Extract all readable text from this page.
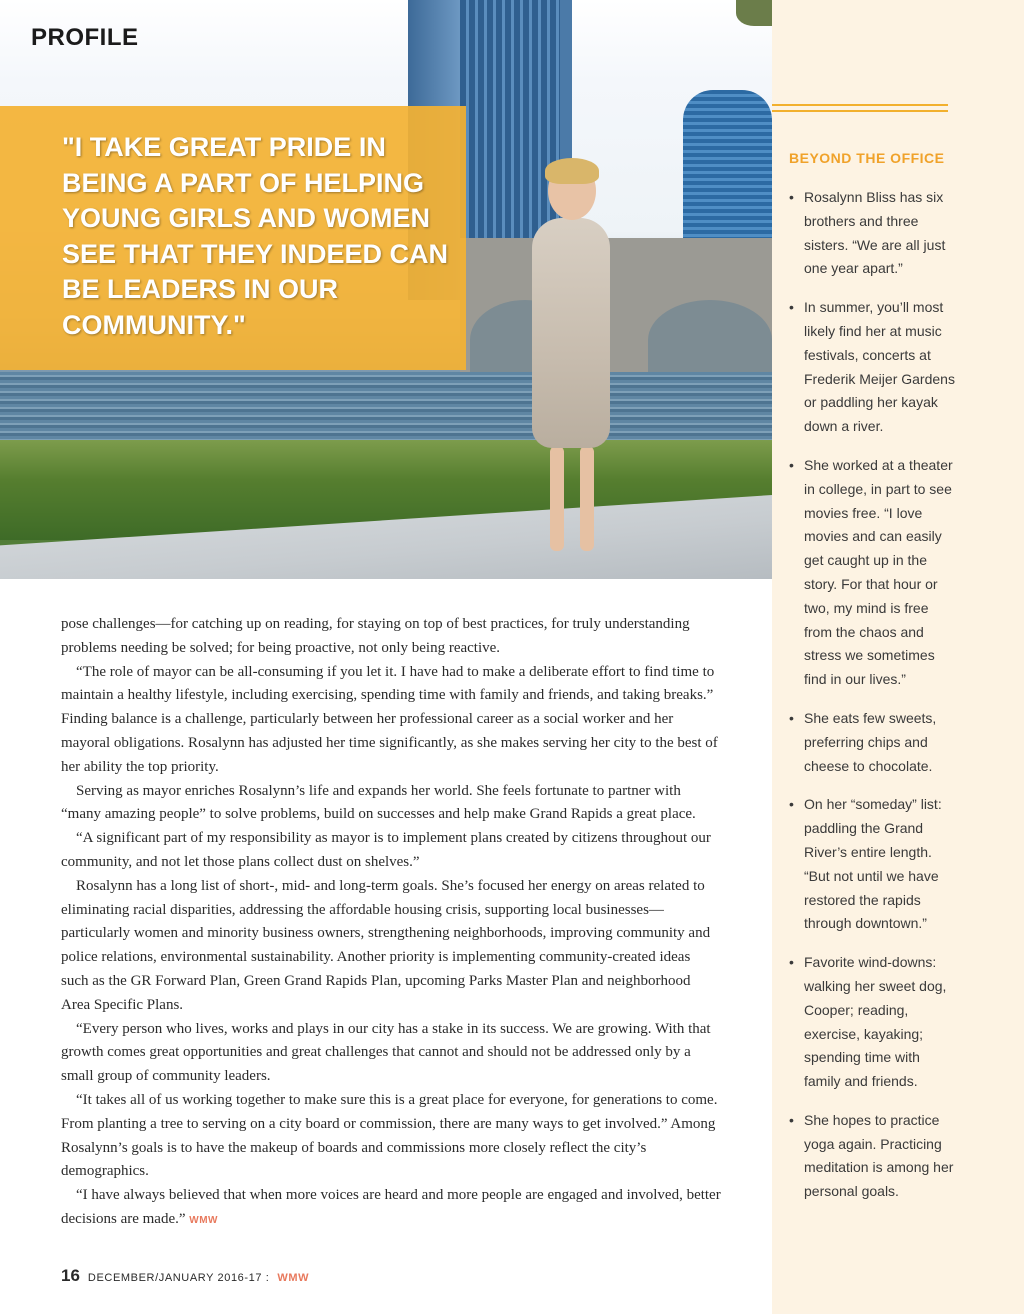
PROFILE

"I TAKE GREAT PRIDE IN BEING A PART OF HELPING YOUNG GIRLS AND WOMEN SEE THAT THEY INDEED CAN BE LEADERS IN OUR COMMUNITY."

BEYOND THE OFFICE
• Rosalynn Bliss has six brothers and three sisters. “We are all just one year apart.”
• In summer, you’ll most likely find her at music festivals, concerts at Frederik Meijer Gardens or paddling her kayak down a river.
• She worked at a theater in college, in part to see movies free. “I love movies and can easily get caught up in the story. For that hour or two, my mind is free from the chaos and stress we sometimes find in our lives.”
• She eats few sweets, preferring chips and cheese to chocolate.
• On her “someday” list: paddling the Grand River’s entire length. “But not until we have restored the rapids through downtown.”
• Favorite wind-downs: walking her sweet dog, Cooper; reading, exercise, kayaking; spending time with family and friends.
• She hopes to practice yoga again. Practicing meditation is among her personal goals.

pose challenges—for catching up on reading, for staying on top of best practices, for truly understanding problems needing be solved; for being proactive, not only being reactive.

“The role of mayor can be all-consuming if you let it. I have had to make a deliberate effort to find time to maintain a healthy lifestyle, including exercising, spending time with family and friends, and taking breaks.” Finding balance is a challenge, particularly between her professional career as a social worker and her mayoral obligations. Rosalynn has adjusted her time significantly, as she makes serving her city to the best of her ability the top priority.

Serving as mayor enriches Rosalynn’s life and expands her world. She feels fortunate to partner with “many amazing people” to solve problems, build on successes and help make Grand Rapids a great place.

“A significant part of my responsibility as mayor is to implement plans created by citizens throughout our community, and not let those plans collect dust on shelves.”

Rosalynn has a long list of short-, mid- and long-term goals. She’s focused her energy on areas related to eliminating racial disparities, addressing the affordable housing crisis, supporting local businesses—particularly women and minority business owners, strengthening neighborhoods, improving community and police relations, environmental sustainability. Another priority is implementing community-created ideas such as the GR Forward Plan, Green Grand Rapids Plan, upcoming Parks Master Plan and neighborhood Area Specific Plans.

“Every person who lives, works and plays in our city has a stake in its success. We are growing. With that growth comes great opportunities and great challenges that cannot and should not be addressed only by a small group of community leaders.

“It takes all of us working together to make sure this is a great place for everyone, for generations to come. From planting a tree to serving on a city board or commission, there are many ways to get involved.” Among Rosalynn’s goals is to have the makeup of boards and commissions more closely reflect the city’s demographics.

“I have always believed that when more voices are heard and more people are engaged and involved, better decisions are made.” WMW

16 DECEMBER/JANUARY 2016-17 : WMW
